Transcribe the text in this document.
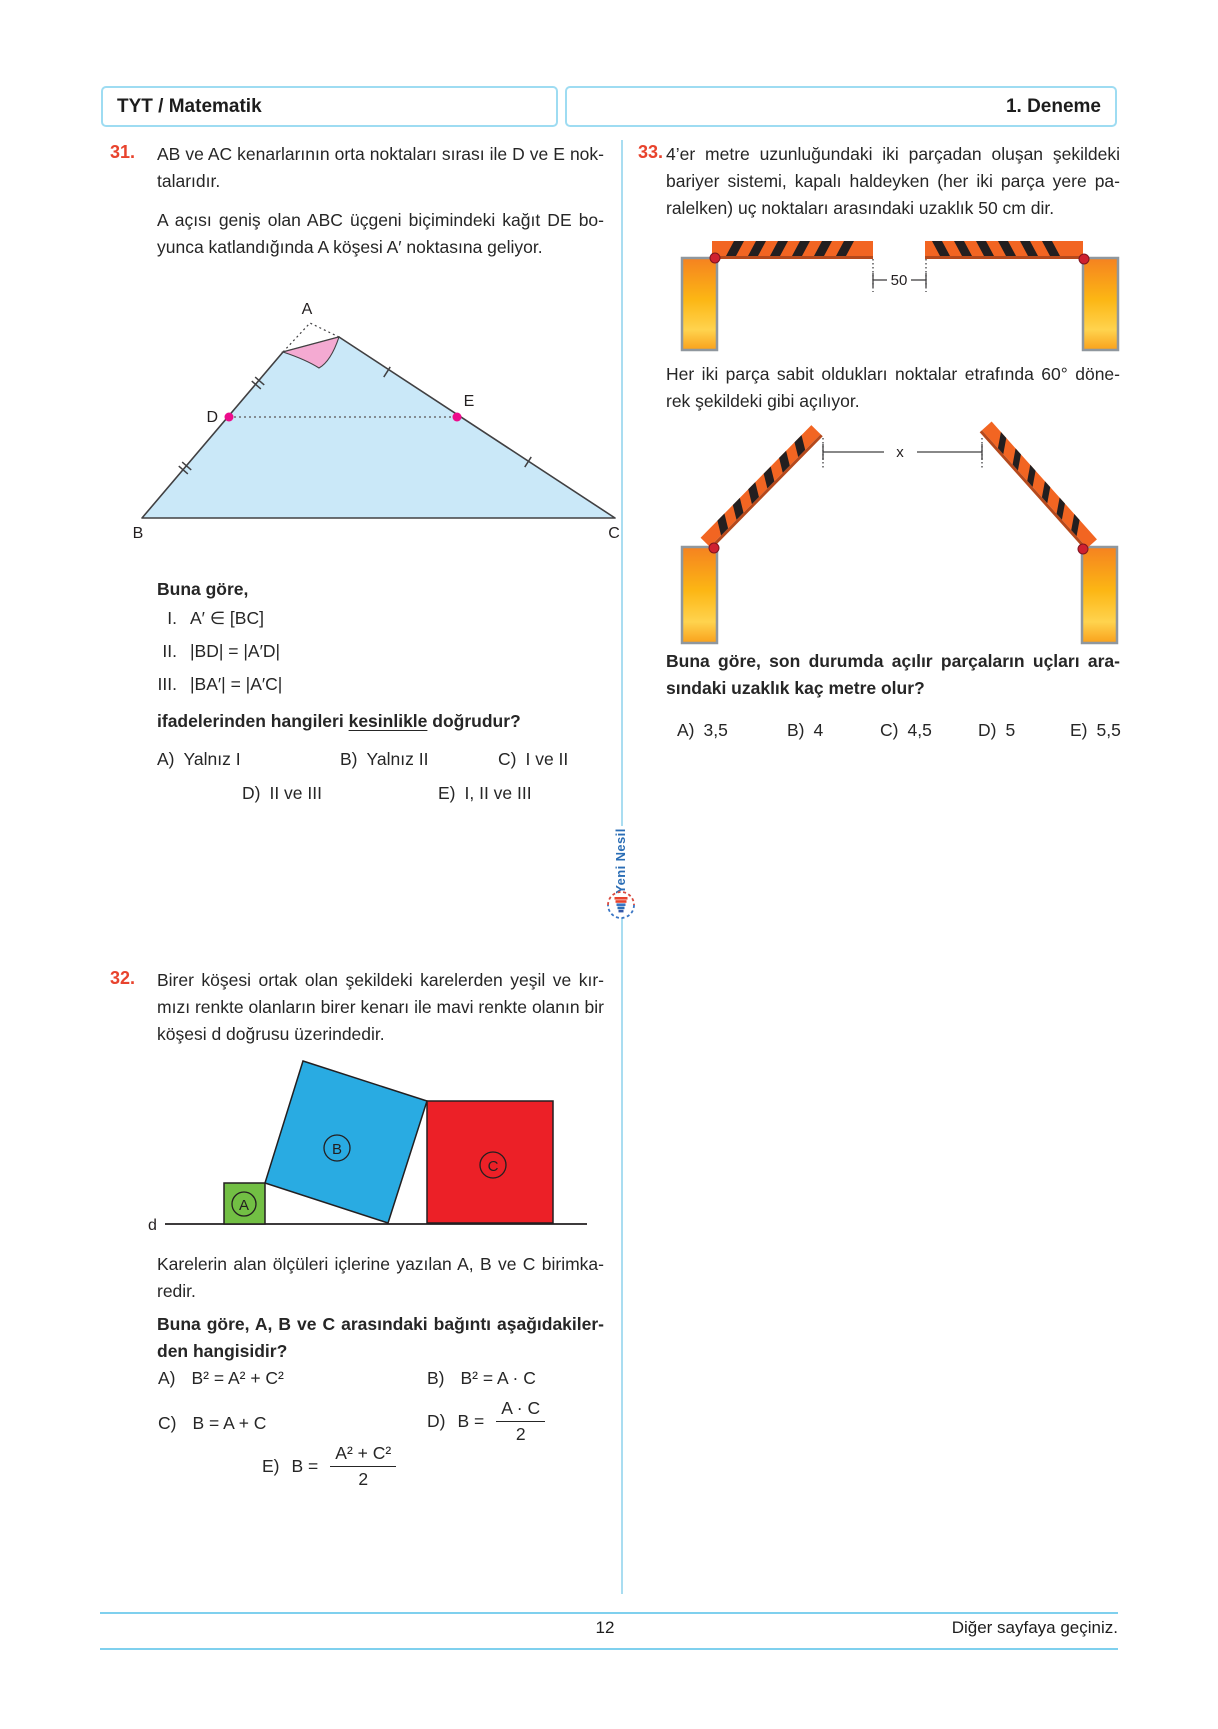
TYT / Matematik	1. Deneme
Yeni Nesil
31. AB ve AC kenarlarının orta noktaları sırası ile D ve E nok-
talarıdır.
A açısı geniş olan ABC üçgeni biçimindeki kağıt DE bo-
yunca katlandığında A köşesi A′ noktasına geliyor.
A
B	C
D
E
Buna göre,
I. A′ ∈ [BC]
II. |BD| = |A′D|
III. |BA′| = |A′C|
ifadelerinden hangileri kesinlikle doğrudur?
A) Yalnız I	B) Yalnız II	C) I ve II
D) II ve III	E) I, II ve III
32. Birer köşesi ortak olan şekildeki karelerden yeşil ve kır-
mızı renkte olanların birer kenarı ile mavi renkte olanın bir
köşesi d doğrusu üzerindedir.
d
A
B
C
Karelerin alan ölçüleri içlerine yazılan A, B ve C birimka-
redir.
Buna göre, A, B ve C arasındaki bağıntı aşağıdakiler-
den hangisidir?
A) B² = A² + C²	B) B² = A · C
C) B = A + C	D) $B = \frac{A \cdot C}{2}$
E) $B = \frac{\text{A² + C²}}{2}$
33. 4’er metre uzunluğundaki iki parçadan oluşan şekildeki
bariyer sistemi, kapalı haldeyken (her iki parça yere pa-
ralelken) uç noktaları arasındaki uzaklık 50 cm dir.
50
Her iki parça sabit oldukları noktalar etrafında 60° döne-
rek şekildeki gibi açılıyor.
x
Buna göre, son durumda açılır parçaların uçları ara-
sındaki uzaklık kaç metre olur?
A) 3,5	B) 4	C) 4,5	D) 5	E) 5,5
12	Diğer sayfaya geçiniz.
